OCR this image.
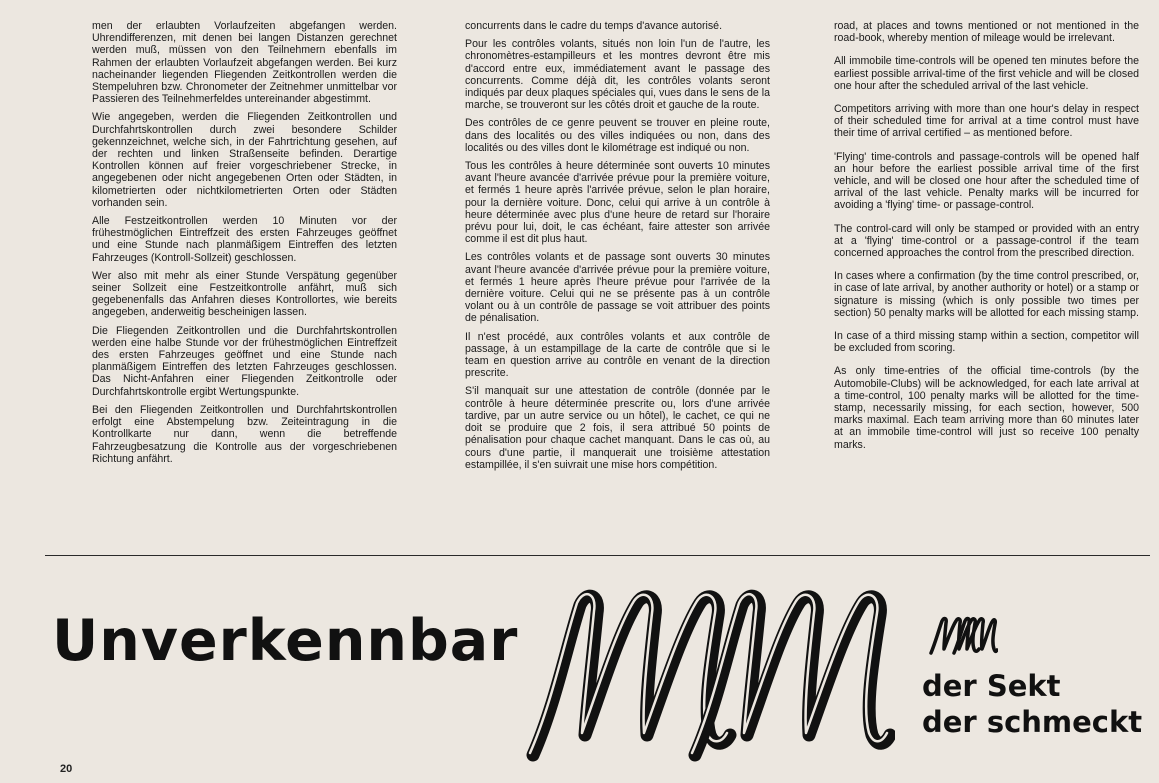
men der erlaubten Vorlaufzeiten abgefangen werden. Uhrendifferenzen, mit denen bei langen Distanzen gerechnet werden muß, müssen von den Teilnehmern ebenfalls im Rahmen der erlaubten Vorlaufzeit abgefangen werden. Bei kurz nacheinander liegenden Fliegenden Zeitkontrollen werden die Stempeluhren bzw. Chronometer der Zeitnehmer unmittelbar vor Passieren des Teilnehmerfeldes untereinander abgestimmt.

Wie angegeben, werden die Fliegenden Zeitkontrollen und Durchfahrtskontrollen durch zwei besondere Schilder gekennzeichnet, welche sich, in der Fahrtrichtung gesehen, auf der rechten und linken Straßenseite befinden. Derartige Kontrollen können auf freier vorgeschriebener Strecke, in angegebenen oder nicht angegebenen Orten oder Städten, in kilometrierten oder nichtkilometrierten Orten oder Städten vorhanden sein.

Alle Festzeitkontrollen werden 10 Minuten vor der frühestmöglichen Eintreffzeit des ersten Fahrzeuges geöffnet und eine Stunde nach planmäßigem Eintreffen des letzten Fahrzeuges (Kontroll-Sollzeit) geschlossen.

Wer also mit mehr als einer Stunde Verspätung gegenüber seiner Sollzeit eine Festzeitkontrolle anfährt, muß sich gegebenenfalls das Anfahren dieses Kontrollortes, wie bereits angegeben, anderweitig bescheinigen lassen.

Die Fliegenden Zeitkontrollen und die Durchfahrtskontrollen werden eine halbe Stunde vor der frühestmöglichen Eintreffzeit des ersten Fahrzeuges geöffnet und eine Stunde nach planmäßigem Eintreffen des letzten Fahrzeuges geschlossen. Das Nicht-Anfahren einer Fliegenden Zeitkontrolle oder Durchfahrtskontrolle ergibt Wertungspunkte.

Bei den Fliegenden Zeitkontrollen und Durchfahrtskontrollen erfolgt eine Abstempelung bzw. Zeiteintragung in die Kontrollkarte nur dann, wenn die betreffende Fahrzeugbesatzung die Kontrolle aus der vorgeschriebenen Richtung anfährt.

concurrents dans le cadre du temps d'avance autorisé.

Pour les contrôles volants, situés non loin l'un de l'autre, les chronomètres-estampilleurs et les montres devront être mis d'accord entre eux, immédiatement avant le passage des concurrents. Comme déjà dit, les contrôles volants seront indiqués par deux plaques spéciales qui, vues dans le sens de la marche, se trouveront sur les côtés droit et gauche de la route.

Des contrôles de ce genre peuvent se trouver en pleine route, dans des localités ou des villes indiquées ou non, dans des localités ou des villes dont le kilométrage est indiqué ou non.

Tous les contrôles à heure déterminée sont ouverts 10 minutes avant l'heure avancée d'arrivée prévue pour la première voiture, et fermés 1 heure après l'arrivée prévue, selon le plan horaire, pour la dernière voiture. Donc, celui qui arrive à un contrôle à heure déterminée avec plus d'une heure de retard sur l'horaire prévu pour lui, doit, le cas échéant, faire attester son arrivée comme il est dit plus haut.

Les contrôles volants et de passage sont ouverts 30 minutes avant l'heure avancée d'arrivée prévue pour la première voiture, et fermés 1 heure après l'heure prévue pour l'arrivée de la dernière voiture. Celui qui ne se présente pas à un contrôle volant ou à un contrôle de passage se voit attribuer des points de pénalisation.

Il n'est procédé, aux contrôles volants et aux contrôle de passage, à un estampillage de la carte de contrôle que si le team en question arrive au contrôle en venant de la direction prescrite.

S'il manquait sur une attestation de contrôle (donnée par le contrôle à heure déterminée prescrite ou, lors d'une arrivée tardive, par un autre service ou un hôtel), le cachet, ce qui ne doit se produire que 2 fois, il sera attribué 50 points de pénalisation pour chaque cachet manquant. Dans le cas où, au cours d'une partie, il manquerait une troisième attestation estampillée, il s'en suivrait une mise hors compétition.

road, at places and towns mentioned or not mentioned in the road-book, whereby mention of mileage would be irrelevant.

All immobile time-controls will be opened ten minutes before the earliest possible arrival-time of the first vehicle and will be closed one hour after the scheduled arrival of the last vehicle.

Competitors arriving with more than one hour's delay in respect of their scheduled time for arrival at a time control must have their time of arrival certified – as mentioned before.

'Flying' time-controls and passage-controls will be opened half an hour before the earliest possible arrival time of the first vehicle, and will be closed one hour after the scheduled time of arrival of the last vehicle. Penalty marks will be incurred for avoiding a 'flying' time- or passage-control.

The control-card will only be stamped or provided with an entry at a 'flying' time-control or a passage-control if the team concerned approaches the control from the prescribed direction.

In cases where a confirmation (by the time control prescribed, or, in case of late arrival, by another authority or hotel) or a stamp or signature is missing (which is only possible two times per section) 50 penalty marks will be allotted for each missing stamp.

In case of a third missing stamp within a section, competitor will be excluded from scoring.

As only time-entries of the official time-controls (by the Automobile-Clubs) will be acknowledged, for each late arrival at a time-control, 100 penalty marks will be allotted for the time-stamp, necessarily missing, for each section, however, 500 marks maximal. Each team arriving more than 60 minutes later at an immobile time-control will just so receive 100 penalty marks.

Unverkennbar
der Sekt
der schmeckt
20
